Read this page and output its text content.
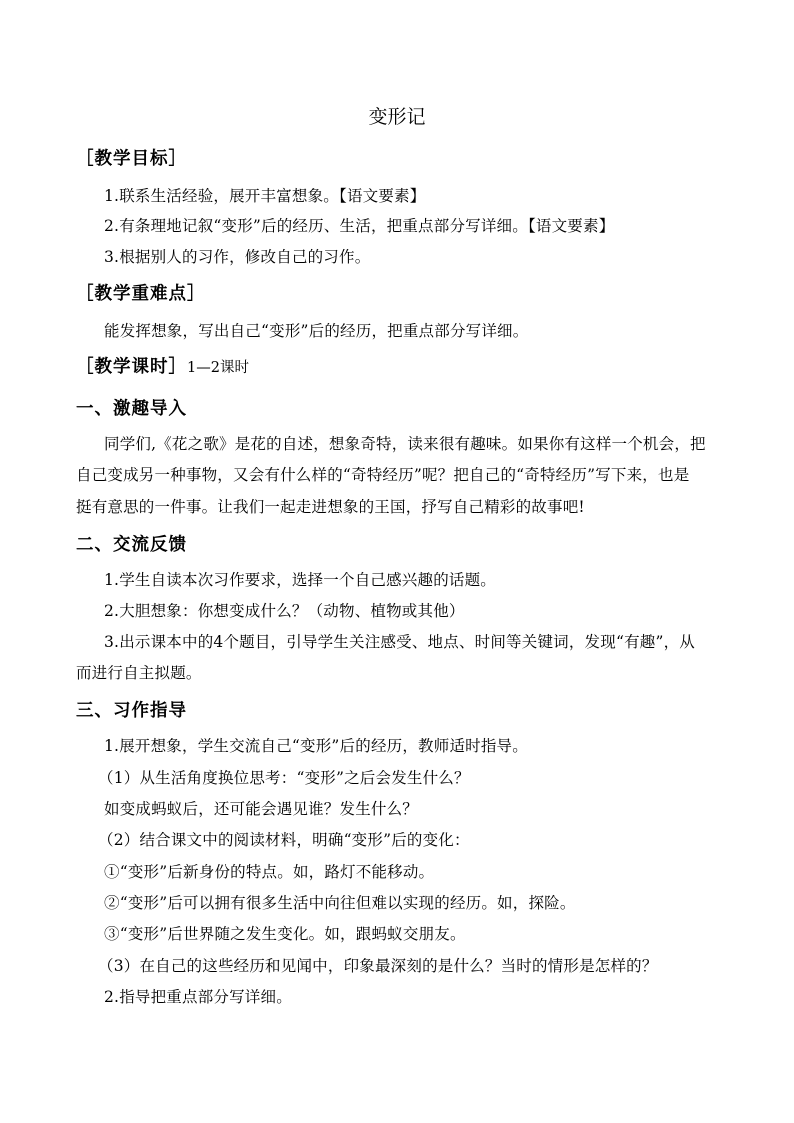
变形记
［教学目标］
1.联系生活经验，展开丰富想象。【语文要素】
2.有条理地记叙“变形”后的经历、生活，把重点部分写详细。【语文要素】
3.根据别人的习作，修改自己的习作。
［教学重难点］
能发挥想象，写出自己“变形”后的经历，把重点部分写详细。
［教学课时］1—2课时
一、激趣导入
同学们,《花之歌》是花的自述，想象奇特，读来很有趣味。如果你有这样一个机会，把
自己变成另一种事物，又会有什么样的“奇特经历”呢？把自己的“奇特经历”写下来，也是
挺有意思的一件事。让我们一起走进想象的王国，抒写自己精彩的故事吧!
二、交流反馈
1.学生自读本次习作要求，选择一个自己感兴趣的话题。
2.大胆想象：你想变成什么？（动物、植物或其他）
3.出示课本中的4个题目，引导学生关注感受、地点、时间等关键词，发现“有趣”，从
而进行自主拟题。
三、习作指导
1.展开想象，学生交流自己“变形”后的经历，教师适时指导。
（1）从生活角度换位思考：“变形”之后会发生什么？
如变成蚂蚁后，还可能会遇见谁？发生什么？
（2）结合课文中的阅读材料，明确“变形”后的变化：
①“变形”后新身份的特点。如，路灯不能移动。
②“变形”后可以拥有很多生活中向往但难以实现的经历。如，探险。
③“变形”后世界随之发生变化。如，跟蚂蚁交朋友。
（3）在自己的这些经历和见闻中，印象最深刻的是什么？当时的情形是怎样的？
2.指导把重点部分写详细。
